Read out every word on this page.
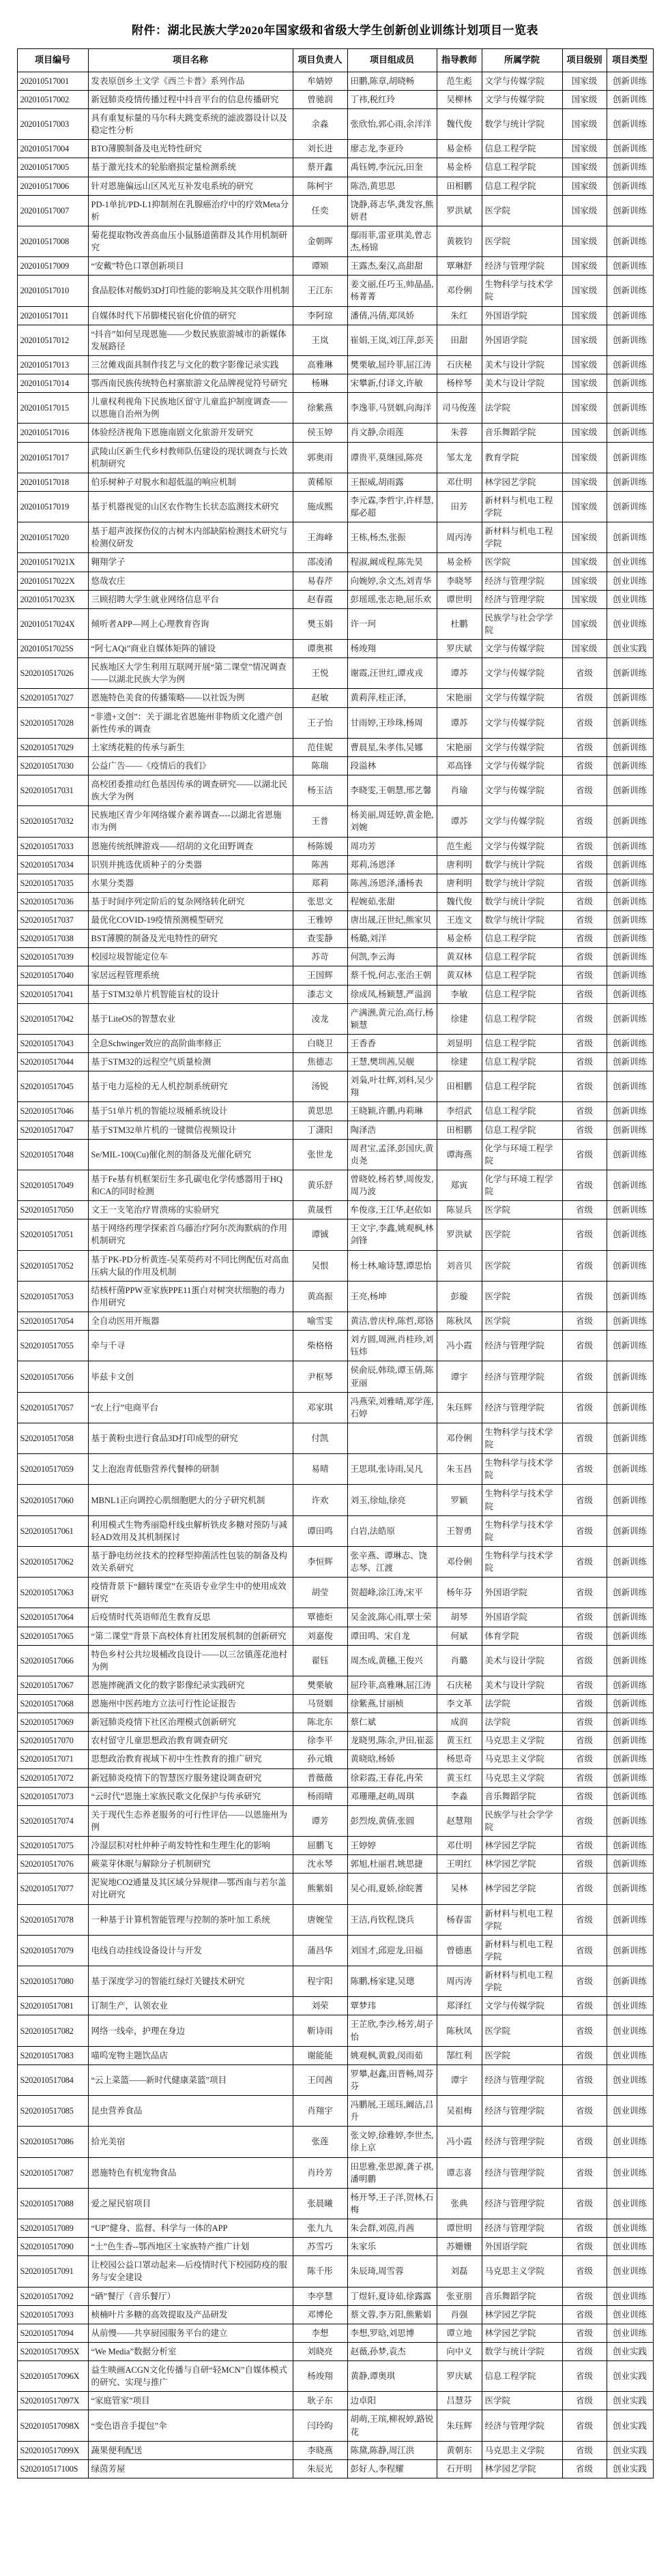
附件：湖北民族大学2020年国家级和省级大学生创新创业训练计划项目一览表
项目编号	项目名称	项目负责人	项目组成员	指导教师	所属学院	项目级别	项目类型
202010517001	发表原创乡土文学《西兰卡普》系列作品	牟婧婷	田鹏,陈章,胡晓畅	范生彪	文学与传媒学院	国家级	创新训练
202010517002	新冠肺炎疫情传播过程中抖音平台的信息传播研究	曾驰润	丁祎,税红玲	吴柳林	文学与传媒学院	国家级	创新训练
202010517003	具有重复标量的马尔科夫跳变系统的滤波器设计以及稳定性分析	余淼	张欣怡,郭心雨,余洋洋	魏代俊	数学与统计学院	国家级	创新训练
202010517004	BTO薄膜制备及电光特性研究	刘长进	廖志龙,李亚玲	易金桥	信息工程学院	国家级	创新训练
202010517005	基于激光技术的轮胎磨损定量检测系统	蔡开鑫	禹钰娉,李沅沅,田奎	易金桥	信息工程学院	国家级	创新训练
202010517006	针对恩施偏远山区风光互补发电系统的研究	陈柯宇	陈浩,黄思思	田相鹏	信息工程学院	国家级	创新训练
202010517007	PD-1单抗/PD-L1抑制剂在乳腺癌治疗中的疗效Meta分析	任奕	饶静,蒋志华,龚发容,熊妍君	罗洪斌	医学院	国家级	创新训练
202010517008	菊花提取物改善高血压小鼠肠道菌群及其作用机制研究	金朝晖	鄢雨菲,雷亚琪美,曾志杰,杨锦	黄筱钧	医学院	国家级	创新训练
202010517009	“安戴”特色口罩创新项目	谭颎	王露杰,秦汉,高甜甜	覃琳舒	经济与管理学院	国家级	创新训练
202010517010	食品胶体对酸奶3D打印性能的影响及其交联作用机制	王江东	姜文丽,任巧玉,帅晶晶,杨菁菁	邓伶俐	生物科学与技术学院	国家级	创新训练
202010517011	自媒体时代下吊脚楼民宿化价值的研究	李阿琼	潘倩,冯倩,郑凤娇	朱红	外国语学院	国家级	创新训练
202010517012	“抖音”如何呈现恩施——少数民族旅游城市的新媒体发展路径	王岚	崔娟,王岚,刘江萍,彭芙	田甜	外国语学院	国家级	创新训练
202010517013	三岔傩戏面具制作技艺与文化的数字影像记录实践	高雅琳	樊栗敏,屈玲菲,屈江涛	石庆秘	美术与设计学院	国家级	创新训练
202010517014	鄂西南民族传统特色村寨旅游文化品牌视觉符号研究	杨琳	宋攀新,付译文,许敏	杨梓琴	美术与设计学院	国家级	创新训练
202010517015	儿童权利视角下民族地区留守儿童监护制度调查——以恩施自治州为例	徐紫燕	李逸菲,马贤姻,向海洋	司马俊莲	法学院	国家级	创新训练
202010517016	体验经济视角下恩施南剧文化旅游开发研究	侯玉婷	肖文静,佘雨莲	朱蓉	音乐舞蹈学院	国家级	创新训练
202010517017	武陵山区新生代乡村教师队伍建设的现状调查与长效机制研究	郭奥雨	谭贵平,莫继园,陈亮	邹太龙	教育学院	国家级	创新训练
202010517018	伯乐树种子对脱水和超低温的响应机制	黄稀原	王振威,胡雨露	邓仕明	林学园艺学院	国家级	创新训练
202010517019	基于机器视觉的山区农作物生长状态监测技术研究	施成熙	李元霖,李哲宇,许样慧,鄢必超	田芳	新材料与机电工程学院	国家级	创新训练
202010517020	基于超声波探伤仪的古树木内部缺陷检测技术研究与检测仪研发	王海峰	王栋,杨杰,张振	周丙涛	新材料与机电工程学院	国家级	创新训练
202010517021X	翱翔学子	邵凌淆	程淑,阚成程,陈先昊	易金桥	医学院	国家级	创业训练
202010517022X	悠哉农庄	易春芹	向婉婷,余文杰,刘青华	李晓琴	经济与管理学院	国家级	创业训练
202010517023X	三顾招聘大学生就业网络信息平台	赵春霞	彭瑶瑶,张志艳,屈乐欢	谭世明	经济与管理学院	国家级	创业训练
202010517024X	倾听者APP—网上心理教育咨询	樊玉娟	许一珂	杜鹏	民族学与社会学学院	国家级	创业训练
202010517025S	“阿七AQi”商业自媒体矩阵的铺设	谭奥褀	杨竣翔	罗庆斌	文学与传媒学院	国家级	创业实践
S202010517026	民族地区大学生利用互联网开展“第二课堂”情况调查——以湖北民族大学为例	王悦	谢霞,汪世红,谭戎戎	谭苏	文学与传媒学院	省级	创新训练
S202010517027	恩施特色美食的传播策略——以社饭为例	赵敏	黄莉萍,桂正泽,	宋艳丽	文学与传媒学院	省级	创新训练
S202010517028	“非遗+文创”：关于湖北省恩施州非物质文化遗产创新性传承的调查	王子怡	甘雨婷,王珍珠,杨周	谭苏	文学与传媒学院	省级	创新训练
S202010517029	土家绣花鞋的传承与新生	范佳妮	曹晨星,朱孝伟,吴娜	宋艳丽	文学与传媒学院	省级	创新训练
S202010517030	公益广告——《疫情后的我们》	陈瑞	段溢林	邓高锋	文学与传媒学院	省级	创新训练
S202010517031	高校团委推动红色基因传承的调查研究——以湖北民族大学为例	杨玉洁	李晓雯,王朝慧,邢艺馨	肖瑜	文学与传媒学院	省级	创新训练
S202010517032	民族地区青少年网络媒介素养调查----以湖北省恩施市为例	王普	杨美丽,周廷婷,黄金艳,刘婉	谭苏	文学与传媒学院	省级	创新训练
S202010517033	恩施传统纸牌游戏——绍胡的文化田野调查	杨陈媛	周功芳	范生彪	文学与传媒学院	省级	创新训练
S202010517034	识别并挑选优质种子的分类器	陈茜	郑莉,汤恩泽	唐利明	数学与统计学院	省级	创新训练
S202010517035	水果分类器	郑莉	陈茜,汤恩泽,潘杨表	唐利明	数学与统计学院	省级	创新训练
S202010517036	基于时间序列定阶后的复杂网络转化研究	张思文	程婉茹,张甜	魏代俊	数学与统计学院	省级	创新训练
S202010517037	最优化COVID-19疫情预测模型研究	王雅婷	唐出晟,汪世纪,熊家贝	王连文	数学与统计学院	省级	创新训练
S202010517038	BST薄膜的制备及光电特性的研究	查雯静	杨璐,刘洋	易金桥	信息工程学院	省级	创新训练
S202010517039	校园垃圾智能定位车	苏苛	何凯,李云海	黄双林	信息工程学院	省级	创新训练
S202010517040	家居远程管理系统	王国辉	蔡千悦,何志,张治王朝	黄双林	信息工程学院	省级	创新训练
S202010517041	基于STM32单片机智能盲杖的设计	漆志文	徐成凤,杨颖慧,严溢润	李敏	信息工程学院	省级	创新训练
S202010517042	基于LiteOS的智慧农业	凌龙	产满滪,黄元治,高行,杨颖慧	徐建	信息工程学院	省级	创新训练
S202010517043	全息Schwinger效应的高阶曲率修正	白晓卫	王香香	刘显明	信息工程学院	省级	创新训练
S202010517044	基于STM32的远程空气质量检测	焦德志	王慧,樊圳茜,吴舰	徐建	信息工程学院	省级	创新训练
S202010517045	基于电力巡检的无人机控制系统研究	汤锐	刘枭,叶壮辉,刘科,吴少翔	田相鹏	信息工程学院	省级	创新训练
S202010517046	基于51单片机的智能垃圾桶系统设计	黄思思	王晓颖,许鹏,冉莉琳	李绍武	信息工程学院	省级	创新训练
S202010517047	基于STM32单片机的一键微信视频设计	丁潇阳	陶泽浩	田相鹏	信息工程学院	省级	创新训练
S202010517048	Se/MIL-100(Cu)催化剂的制备及光催化研究	张世龙	周君宝,孟泽,彭国庆,黄贞尧	谭海燕	化学与环境工程学院	省级	创新训练
S202010517049	基于Fe基有机框架衍生多孔碳电化学传感器用于HQ和CA的同时检测	黄乐舒	曾晓姣,杨若梦,周俊发,周乃波	郑寅	化学与环境工程学院	省级	创新训练
S202010517050	文王一支笔治疗胃溃疡的实验研究	黄晟哲	牟俊彦,王江华,赵依如	陈显兵	医学院	省级	创新训练
S202010517051	基于网络药理学探索首乌藤治疗阿尔茨海默病的作用机制研究	谭铖	王文宇,李鑫,姚观枫,林剑锋	罗洪斌	医学院	省级	创新训练
S202010517052	基于PK-PD分析黄连-吴茱萸药对不同比例配伍对高血压病大鼠的作用及机制	吴恨	杨士林,喻诗慧,谭思怡	刘音贝	医学院	省级	创新训练
S202010517053	结核杆菌PPW亚家族PPE11蛋白对树突状细胞的毒力作用研究	黄高振	王亮,杨坤	彭璇	医学院	省级	创新训练
S202010517054	全自动医用开瓶器	喻雪雯	黄洁,曾庆梓,陈哲,郑铬	陈秋凤	医学院	省级	创新训练
S202010517055	牵与千寻	柴格格	刘方圆,周洲,肖桂珍,刘钰炜	冯小霞	经济与管理学院	省级	创新训练
S202010517056	毕兹卡文创	尹枢琴	侯俞辰,韩琰,谭玉倩,陈亚丽	谭宇	经济与管理学院	省级	创新训练
S202010517057	“农上行”电商平台	邓家琪	冯燕荣,刘雅晴,郑学莲,石婷	朱珏辉	经济与管理学院	省级	创新训练
S202010517058	基于黄粉虫进行食品3D打印成型的研究	付凯		邓伶俐	生物科学与技术学院	省级	创新训练
S202010517059	艾上泡泡青低脂营养代餐棒的研制	易晴	王思琪,张诗雨,吴凡	朱玉昌	生物科学与技术学院	省级	创新训练
S202010517060	MBNL1正向调控心肌细胞肥大的分子研究机制	许欢	刘玉,徐灿,徐亮	罗颖	生物科学与技术学院	省级	创新训练
S202010517061	利用模式生物秀丽隐杆线虫解析铁皮多糖对预防与减轻AD效用及其机制探讨	谭田鸣	白岩,法皓原	王智勇	生物科学与技术学院	省级	创新训练
S202010517062	基于静电纺丝技术的控释型抑菌活性包装的制备及构效关系研究	李恒辉	张辛燕、谭琳志、饶志琴、江渡	邓伶俐	生物科学与技术学院	省级	创新训练
S202010517063	疫情背景下“翻转课堂”在英语专业学生中的使用成效研究	胡莹	贺超峰,涂江涛,宋平	杨年芬	外国语学院	省级	创新训练
S202010517064	后疫情时代英语师范生教育反思	覃德炬	吴金波,陈心雨,覃士荣	胡琴	外国语学院	省级	创新训练
S202010517065	“第二课堂”背景下高校体育社团发展机制的创新研究	刘嘉俊	谭田鸣、宋自龙	何斌	体育学院	省级	创新训练
S202010517066	特色乡村公共垃圾桶改良设计——以三岔镇莲花池村为例	翟钰	周杰成,黄穗,王俊兴	肖璐	美术与设计学院	省级	创新训练
S202010517067	恩施摔碗酒文化的数字影像纪录实践研究	樊栗敏	屈玲菲,高雅琳,屈江涛	石庆秘	美术与设计学院	省级	创新训练
S202010517068	恩施州中医药地方立法可行性论证报告	马贤姻	徐紫燕,甘丽桢	李文革	法学院	省级	创新训练
S202010517069	新冠肺炎疫情下社区治理模式创新研究	陈北东	蔡仁斌	成润	法学院	省级	创新训练
S202010517070	农村留守儿童思想政治教育调查研究	徐李平	龙晓男,陈余,尹田,崔蕊	黄玉红	马克思主义学院	省级	创新训练
S202010517071	思想政治教育视域下初中生性教育的推广研究	孙元娥	黄晓晗,杨娇	杨思奇	马克思主义学院	省级	创新训练
S202010517072	新冠肺炎疫情下的智慧医疗服务建设调查研究	普薇薇	徐彩霞,王春花,冉荣	黄玉红	马克思主义学院	省级	创新训练
S202010517073	“云时代”恩施土家族民歌文化保护与传承研究	杨雨晴	邓珊珊,赵萌,周琪	李淼	音乐舞蹈学院	省级	创新训练
S202010517074	关于现代生态养老服务的可行性评估——以恩施州为例	谭芳	彭烈焌,黄倩,张圆	赵慧翔	民族学与社会学学院	省级	创新训练
S202010517075	冷湿层积对杜仲种子萌发特性和生理生化的影响	屈鹏飞	王婷婷	邓仕明	林学园艺学院	省级	创新训练
S202010517076	蕨菜芽休眠与解除分子机制研究	沈永琴	郭旭,杜丽君,姚思捷	王明红	林学园艺学院	省级	创新训练
S202010517077	泥炭地CO2通量及其区域分异规律—鄂西南与若尔盖对比研究	熊紫娟	吴心雨,夏娇,徐皖蓍	吴林	林学园艺学院	省级	创新训练
S202010517078	一种基于计算机智能管理与控制的茶叶加工系统	唐婉莹	王洁,肖钦程,饶兵	杨春雷	新材料与机电工程学院	省级	创新训练
S202010517079	电线自动挂线设备设计与开发	蒲昌华	刘国才,邱迎龙,田福	曾德惠	新材料与机电工程学院	省级	创新训练
S202010517080	基于深度学习的智能红绿灯关键技术研究	程宇阳	陈鹏,杨家建,吴璁	周丙涛	新材料与机电工程学院	省级	创新训练
S202010517081	订制生产，认领农业	刘荣	覃梦玮	郑泽红	文学与传媒学院	省级	创业训练
S202010517082	网络一线牵，护理在身边	靳诗雨	王芷欣,李沙,杨芳,胡子怡	陈秋凤	医学院	省级	创业训练
S202010517083	喵呜宠物主题饮品店	谢能能	姚观枫,黄毅,闵雨茹	郜红利	医学院	省级	创业训练
S202010517084	“云上菜篮——新时代健康菜篮”项目	王闰茜	罗攀,赵鑫,田晋畅,周芬芬	谭宇	经济与管理学院	省级	创业训练
S202010517085	昆虫营养食品	肖翔宇	冯鹏展,王瑶珏,阚洁,吕升	吴祖梅	经济与管理学院	省级	创业训练
S202010517086	拾光美宿	张莲	张文婷,徐雅婷,李世杰,徐上京	冯小霞	经济与管理学院	省级	创业训练
S202010517087	恩施特色有机宠物食品	肖玲芳	田思雅,张思源,龚子祺,潘明鹏	谭志喜	经济与管理学院	省级	创业训练
S202010517088	爱之屋民宿项目	张晨曦	杨开琴,王子洋,贺林,石梅	张典	经济与管理学院	省级	创业训练
S202010517089	“UP”健身、监督、科学与一体的APP	张九九	朱会群,刘茵,肖茜	谭世明	经济与管理学院	省级	创业训练
S202010517090	“土”色生香--鄂西地区土家族特产推广计划	苏雪巧	朱家乐	苏姗姗	外国语学院	省级	创业训练
S202010517091	让校园公益口罩动起来—后疫情时代下校园防疫的服务与安全建设	陈千彤	朱辰琦,周雪蓉	刘磊	马克思主义学院	省级	创业训练
S202010517092	“硒”餐厅（音乐餐厅）	李亭慧	丁煜轩,夏诗茹,徐露露	张亚朋	音乐舞蹈学院	省级	创业训练
S202010517093	桢楠叶片多糖的高效提取及产品研发	邓博伦	蔡文蓉,李万阳,熊紫娟	肖强	林学园艺学院	省级	创业训练
S202010517094	从前慢——共享厨园服务平台的建立	李想	李想,罗晗,刘思博	谭立地	林学园艺学院	省级	创业训练
S202010517095X	“We Media”数据分析室	刘晓亮	赵薇,孙梦,袁杰	向中义	数学与统计学院	省级	创业实践
S202010517096X	益生映画ACGN文化传播与自研“轻MCN”自媒体模式的研究、实现与推广	杨竣翔	黄静,谭奥琪	罗庆斌	信息工程学院	省级	创业实践
S202010517097X	“家庭管家”项目	耿子东	边卓阳	吕慧芬	医学院	省级	创业实践
S202010517098X	“变色语音手提包”伞	闫玲昀	胡萌,王瑸,柳祝婷,路锐花	朱珏辉	经济与管理学院	省级	创业实践
S202010517099X	蔬果便利配送	李晓燕	陈黛,陈静,周江洪	黄朝东	马克思主义学院	省级	创业实践
S202010517100S	绿茵芳屋	朱辰光	彭好人,李程耀	石开明	林学园艺学院	省级	创业实践
